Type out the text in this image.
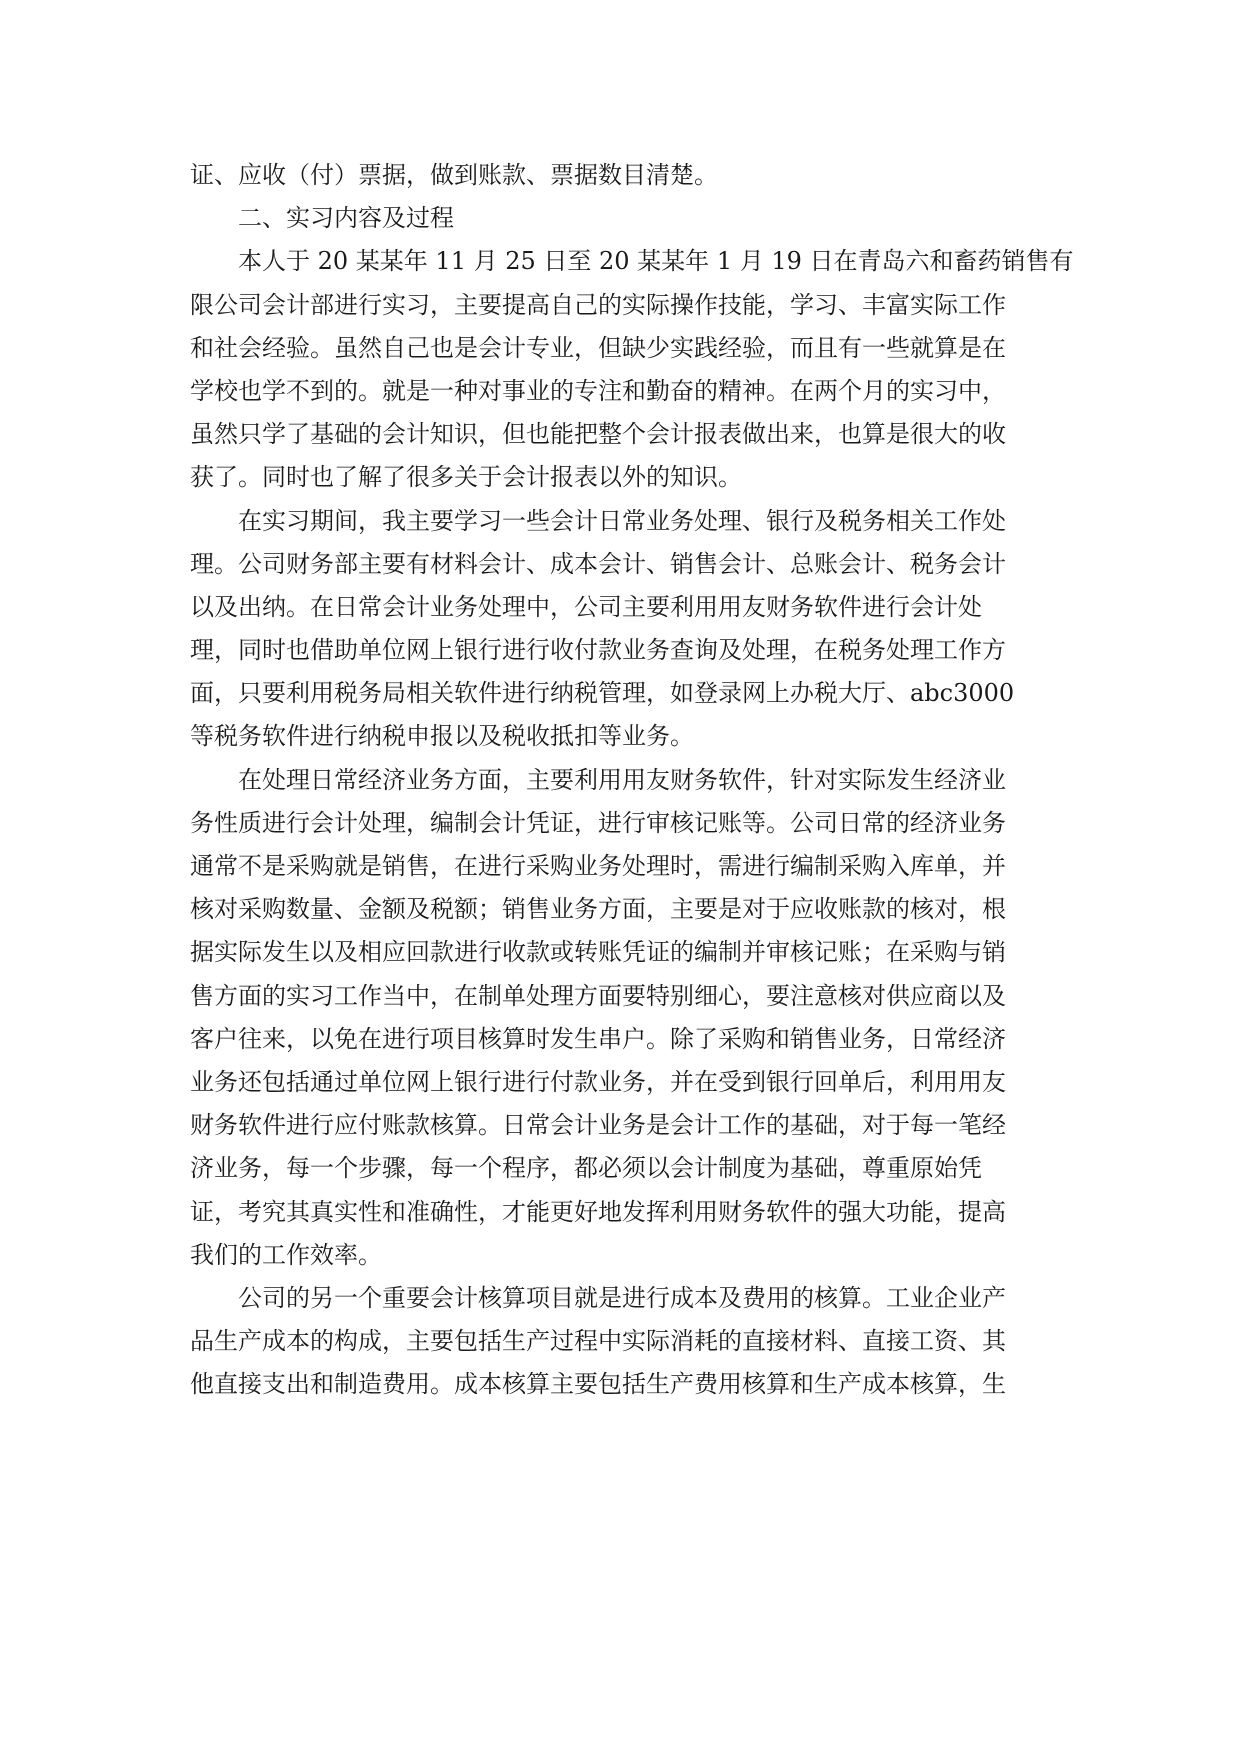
证、应收（付）票据，做到账款、票据数目清楚。
二、实习内容及过程
本人于 20 某某年 11 月 25 日至 20 某某年 1 月 19 日在青岛六和畜药销售有
限公司会计部进行实习，主要提高自己的实际操作技能，学习、丰富实际工作
和社会经验。虽然自己也是会计专业，但缺少实践经验，而且有一些就算是在
学校也学不到的。就是一种对事业的专注和勤奋的精神。在两个月的实习中，
虽然只学了基础的会计知识，但也能把整个会计报表做出来，也算是很大的收
获了。同时也了解了很多关于会计报表以外的知识。
在实习期间，我主要学习一些会计日常业务处理、银行及税务相关工作处
理。公司财务部主要有材料会计、成本会计、销售会计、总账会计、税务会计
以及出纳。在日常会计业务处理中，公司主要利用用友财务软件进行会计处
理，同时也借助单位网上银行进行收付款业务查询及处理，在税务处理工作方
面，只要利用税务局相关软件进行纳税管理，如登录网上办税大厅、abc3000
等税务软件进行纳税申报以及税收抵扣等业务。
在处理日常经济业务方面，主要利用用友财务软件，针对实际发生经济业
务性质进行会计处理，编制会计凭证，进行审核记账等。公司日常的经济业务
通常不是采购就是销售，在进行采购业务处理时，需进行编制采购入库单，并
核对采购数量、金额及税额；销售业务方面，主要是对于应收账款的核对，根
据实际发生以及相应回款进行收款或转账凭证的编制并审核记账；在采购与销
售方面的实习工作当中，在制单处理方面要特别细心，要注意核对供应商以及
客户往来，以免在进行项目核算时发生串户。除了采购和销售业务，日常经济
业务还包括通过单位网上银行进行付款业务，并在受到银行回单后，利用用友
财务软件进行应付账款核算。日常会计业务是会计工作的基础，对于每一笔经
济业务，每一个步骤，每一个程序，都必须以会计制度为基础，尊重原始凭
证，考究其真实性和准确性，才能更好地发挥利用财务软件的强大功能，提高
我们的工作效率。
公司的另一个重要会计核算项目就是进行成本及费用的核算。工业企业产
品生产成本的构成，主要包括生产过程中实际消耗的直接材料、直接工资、其
他直接支出和制造费用。成本核算主要包括生产费用核算和生产成本核算，生
